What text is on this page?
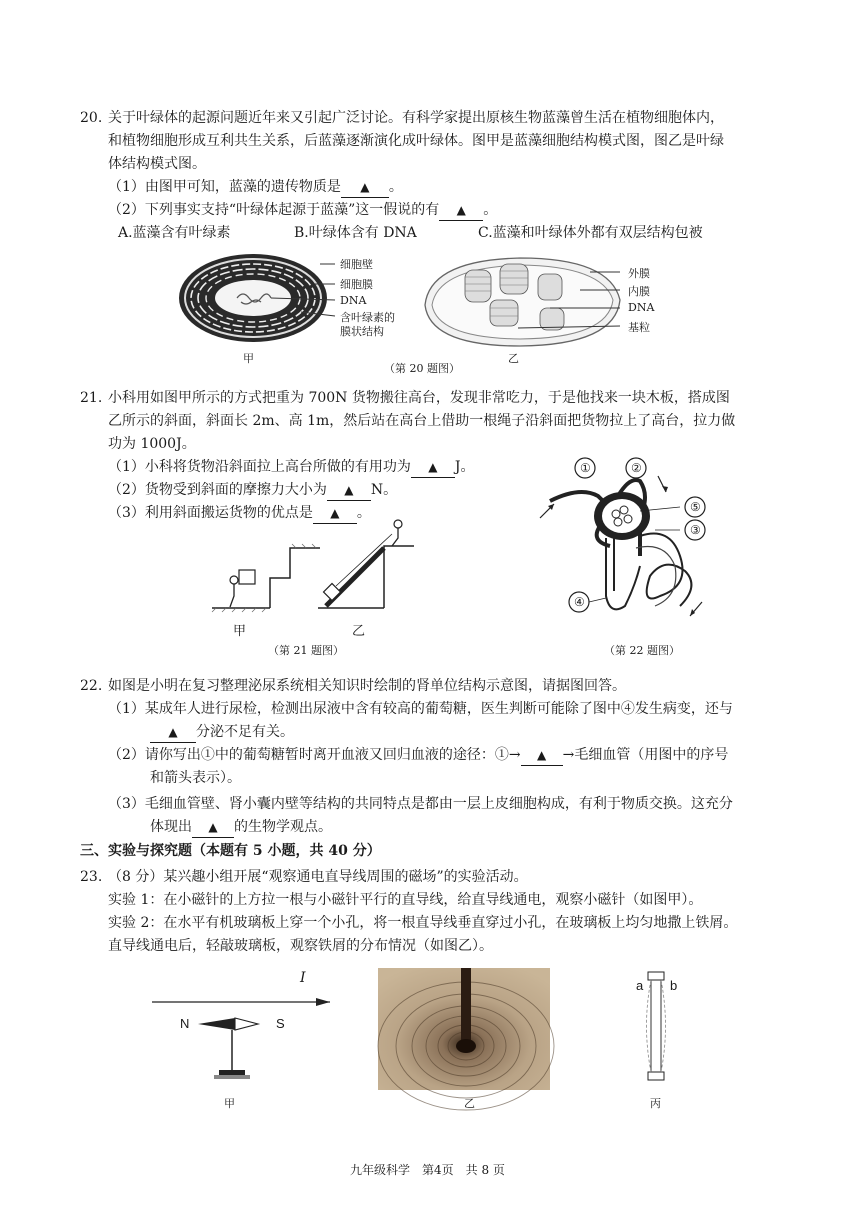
20. 关于叶绿体的起源问题近年来又引起广泛讨论。有科学家提出原核生物蓝藻曾生活在植物细胞体内，
和植物细胞形成互利共生关系，后蓝藻逐渐演化成叶绿体。图甲是蓝藻细胞结构模式图，图乙是叶绿
体结构模式图。
（1）由图甲可知，蓝藻的遗传物质是 ▲ 。
（2）下列事实支持“叶绿体起源于蓝藻”这一假说的有 ▲ 。
A.蓝藻含有叶绿素	B.叶绿体含有 DNA	C.蓝藻和叶绿体外都有双层结构包被
细胞壁
细胞膜
DNA
含叶绿素的
膜状结构
甲
外膜
内膜
DNA
基粒
乙
（第 20 题图）
21. 小科用如图甲所示的方式把重为 700N 货物搬往高台，发现非常吃力，于是他找来一块木板，搭成图
乙所示的斜面，斜面长 2m、高 1m，然后站在高台上借助一根绳子沿斜面把货物拉上了高台，拉力做
功为 1000J。
（1）小科将货物沿斜面拉上高台所做的有用功为 ▲ J。
（2）货物受到斜面的摩擦力大小为 ▲ N。
（3）利用斜面搬运货物的优点是 ▲ 。
甲	乙
（第 21 题图）
①	②
③
④
⑤
（第 22 题图）
22. 如图是小明在复习整理泌尿系统相关知识时绘制的肾单位结构示意图，请据图回答。
（1）某成年人进行尿检，检测出尿液中含有较高的葡萄糖，医生判断可能除了图中④发生病变，还与
▲ 分泌不足有关。
（2）请你写出①中的葡萄糖暂时离开血液又回归血液的途径：①→ ▲ →毛细血管（用图中的序号
和箭头表示）。
（3）毛细血管壁、肾小囊内壁等结构的共同特点是都由一层上皮细胞构成，有利于物质交换。这充分
体现出 ▲ 的生物学观点。
三、实验与探究题（本题有 5 小题，共 40 分）
23. （8 分）某兴趣小组开展“观察通电直导线周围的磁场”的实验活动。
实验 1：在小磁针的上方拉一根与小磁针平行的直导线，给直导线通电，观察小磁针（如图甲）。
实验 2：在水平有机玻璃板上穿一个小孔，将一根直导线垂直穿过小孔，在玻璃板上均匀地撒上铁屑。
直导线通电后，轻敲玻璃板，观察铁屑的分布情况（如图乙）。
I
N	S
甲	乙
a b
丙
九年级科学　第4页　共 8 页
